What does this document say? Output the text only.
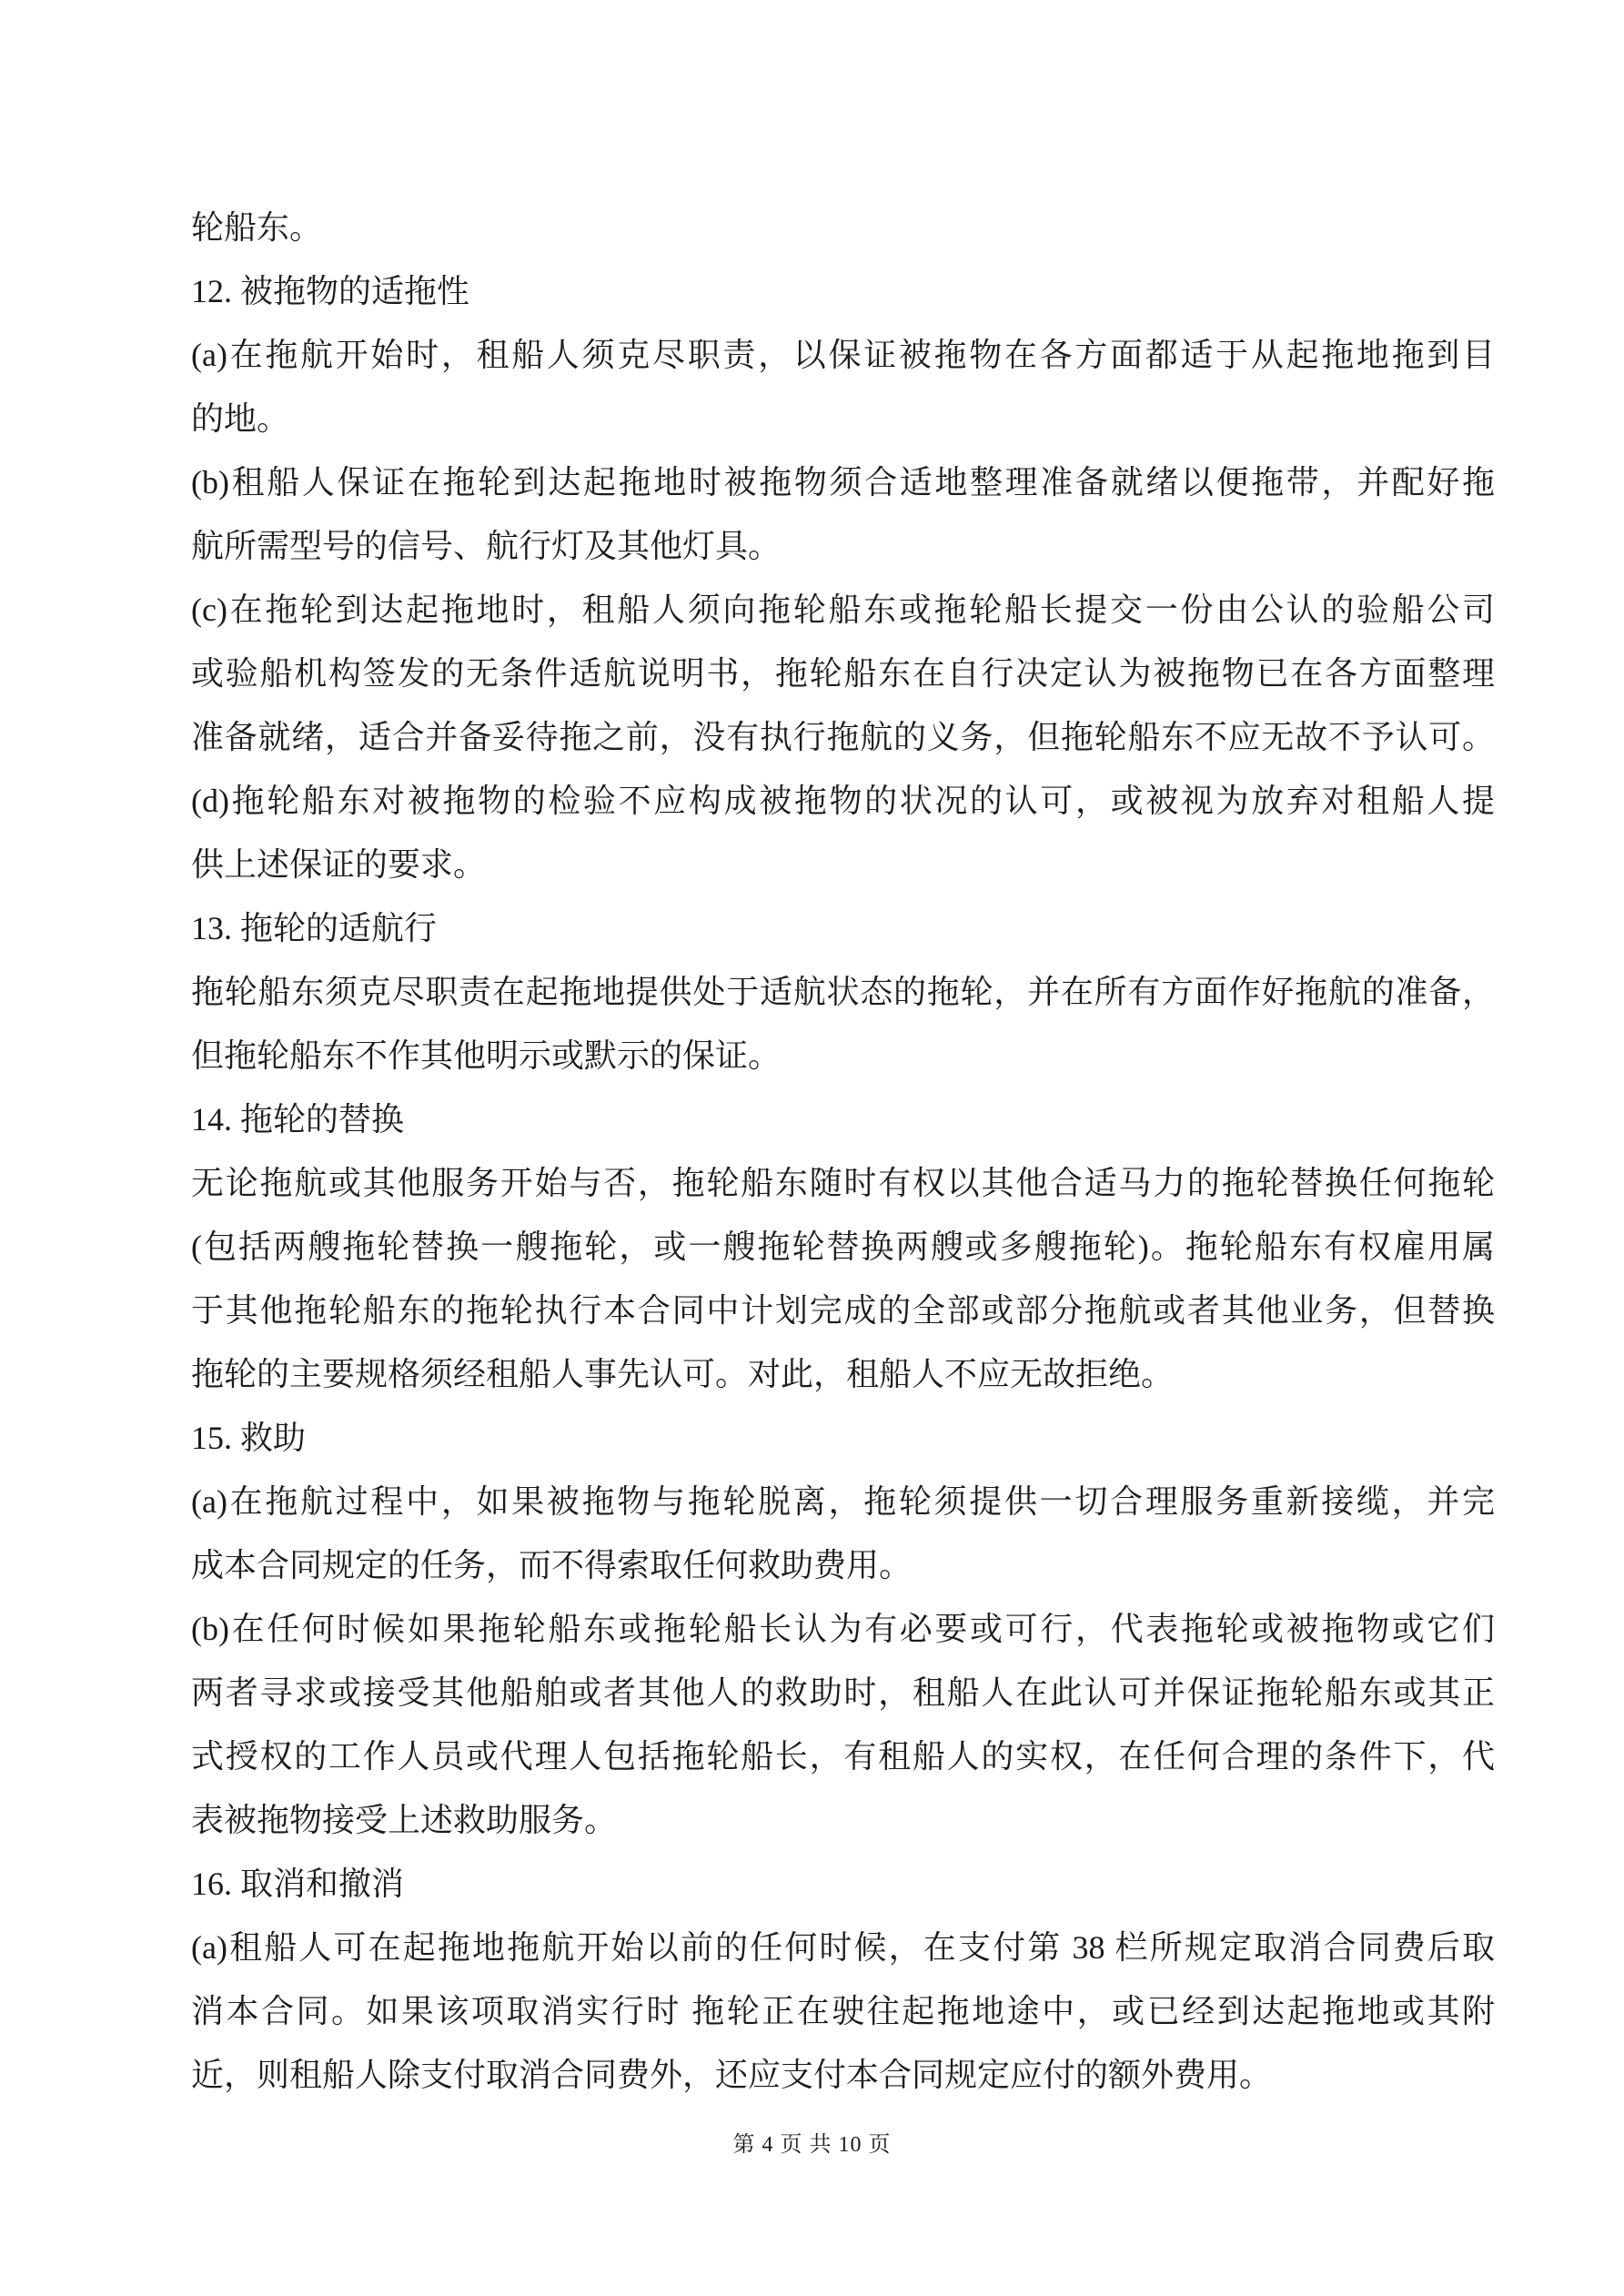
轮船东。
12. 被拖物的适拖性
(a)在拖航开始时，租船人须克尽职责，以保证被拖物在各方面都适于从起拖地拖到目
的地。
(b)租船人保证在拖轮到达起拖地时被拖物须合适地整理准备就绪以便拖带，并配好拖
航所需型号的信号、航行灯及其他灯具。
(c)在拖轮到达起拖地时，租船人须向拖轮船东或拖轮船长提交一份由公认的验船公司
或验船机构签发的无条件适航说明书，拖轮船东在自行决定认为被拖物已在各方面整理
准备就绪，适合并备妥待拖之前，没有执行拖航的义务，但拖轮船东不应无故不予认可。
(d)拖轮船东对被拖物的检验不应构成被拖物的状况的认可，或被视为放弃对租船人提
供上述保证的要求。
13. 拖轮的适航行
拖轮船东须克尽职责在起拖地提供处于适航状态的拖轮，并在所有方面作好拖航的准备，
但拖轮船东不作其他明示或默示的保证。
14. 拖轮的替换
无论拖航或其他服务开始与否，拖轮船东随时有权以其他合适马力的拖轮替换任何拖轮
(包括两艘拖轮替换一艘拖轮，或一艘拖轮替换两艘或多艘拖轮)。拖轮船东有权雇用属
于其他拖轮船东的拖轮执行本合同中计划完成的全部或部分拖航或者其他业务，但替换
拖轮的主要规格须经租船人事先认可。对此，租船人不应无故拒绝。
15. 救助
(a)在拖航过程中，如果被拖物与拖轮脱离，拖轮须提供一切合理服务重新接缆，并完
成本合同规定的任务，而不得索取任何救助费用。
(b)在任何时候如果拖轮船东或拖轮船长认为有必要或可行，代表拖轮或被拖物或它们
两者寻求或接受其他船舶或者其他人的救助时，租船人在此认可并保证拖轮船东或其正
式授权的工作人员或代理人包括拖轮船长，有租船人的实权，在任何合理的条件下，代
表被拖物接受上述救助服务。
16. 取消和撤消
(a)租船人可在起拖地拖航开始以前的任何时候，在支付第 38 栏所规定取消合同费后取
消本合同。如果该项取消实行时 拖轮正在驶往起拖地途中，或已经到达起拖地或其附
近，则租船人除支付取消合同费外，还应支付本合同规定应付的额外费用。
第 4 页 共 10 页
